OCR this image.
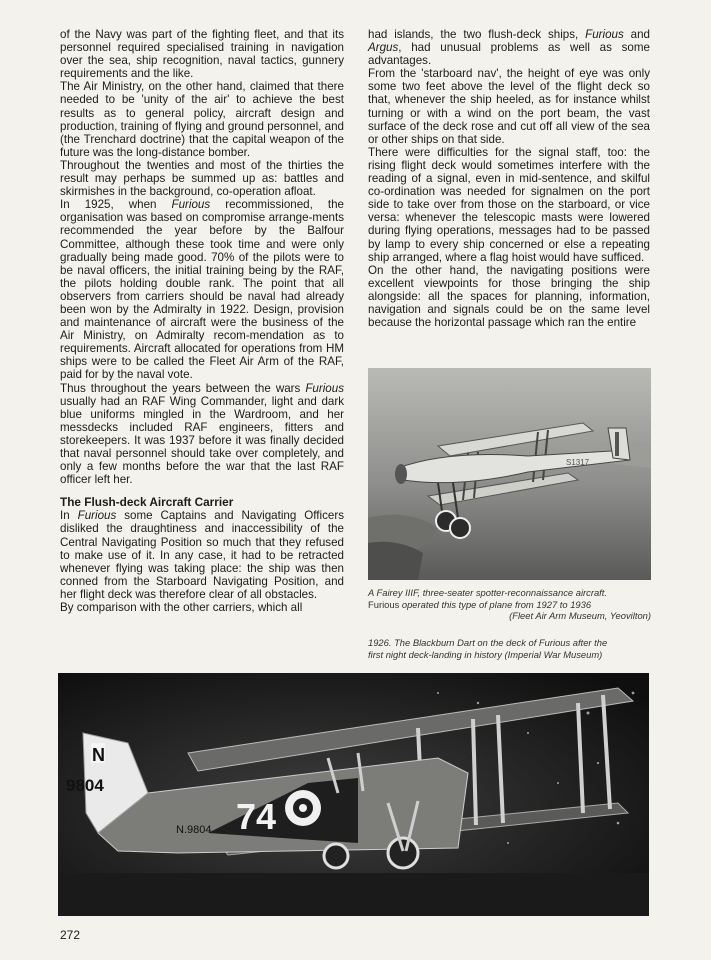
of the Navy was part of the fighting fleet, and that its personnel required specialised training in navigation over the sea, ship recognition, naval tactics, gunnery requirements and the like.

The Air Ministry, on the other hand, claimed that there needed to be 'unity of the air' to achieve the best results as to general policy, aircraft design and production, training of flying and ground personnel, and (the Trenchard doctrine) that the capital weapon of the future was the long-distance bomber.

Throughout the twenties and most of the thirties the result may perhaps be summed up as: battles and skirmishes in the background, co-operation afloat.

In 1925, when Furious recommissioned, the organisation was based on compromise arrange-ments recommended the year before by the Balfour Committee, although these took time and were only gradually being made good. 70% of the pilots were to be naval officers, the initial training being by the RAF, the pilots holding double rank. The point that all observers from carriers should be naval had already been won by the Admiralty in 1922. Design, provision and maintenance of aircraft were the business of the Air Ministry, on Admiralty recom-mendation as to requirements. Aircraft allocated for operations from HM ships were to be called the Fleet Air Arm of the RAF, paid for by the naval vote.

Thus throughout the years between the wars Furious usually had an RAF Wing Commander, light and dark blue uniforms mingled in the Wardroom, and her messdecks included RAF engineers, fitters and storekeepers. It was 1937 before it was finally decided that naval personnel should take over completely, and only a few months before the war that the last RAF officer left her.

The Flush-deck Aircraft Carrier

In Furious some Captains and Navigating Officers disliked the draughtiness and inaccessibility of the Central Navigating Position so much that they refused to make use of it. In any case, it had to be retracted whenever flying was taking place: the ship was then conned from the Starboard Navigating Position, and her flight deck was therefore clear of all obstacles.

By comparison with the other carriers, which all

had islands, the two flush-deck ships, Furious and Argus, had unusual problems as well as some advantages.

From the 'starboard nav', the height of eye was only some two feet above the level of the flight deck so that, whenever the ship heeled, as for instance whilst turning or with a wind on the port beam, the vast surface of the deck rose and cut off all view of the sea or other ships on that side.

There were difficulties for the signal staff, too: the rising flight deck would sometimes interfere with the reading of a signal, even in mid-sentence, and skilful co-ordination was needed for signalmen on the port side to take over from those on the starboard, or vice versa: whenever the telescopic masts were lowered during flying operations, messages had to be passed by lamp to every ship concerned or else a repeating ship arranged, where a flag hoist would have sufficed.

On the other hand, the navigating positions were excellent viewpoints for those bringing the ship alongside: all the spaces for planning, information, navigation and signals could be on the same level because the horizontal passage which ran the entire

S1317
A Fairey IIIF, three-seater spotter-reconnaissance aircraft.
Furious operated this type of plane from 1927 to 1936
(Fleet Air Arm Museum, Yeovilton)
1926. The Blackburn Dart on the deck of Furious after the
first night deck-landing in history (Imperial War Museum)
N
9804
N.9804 74
272
